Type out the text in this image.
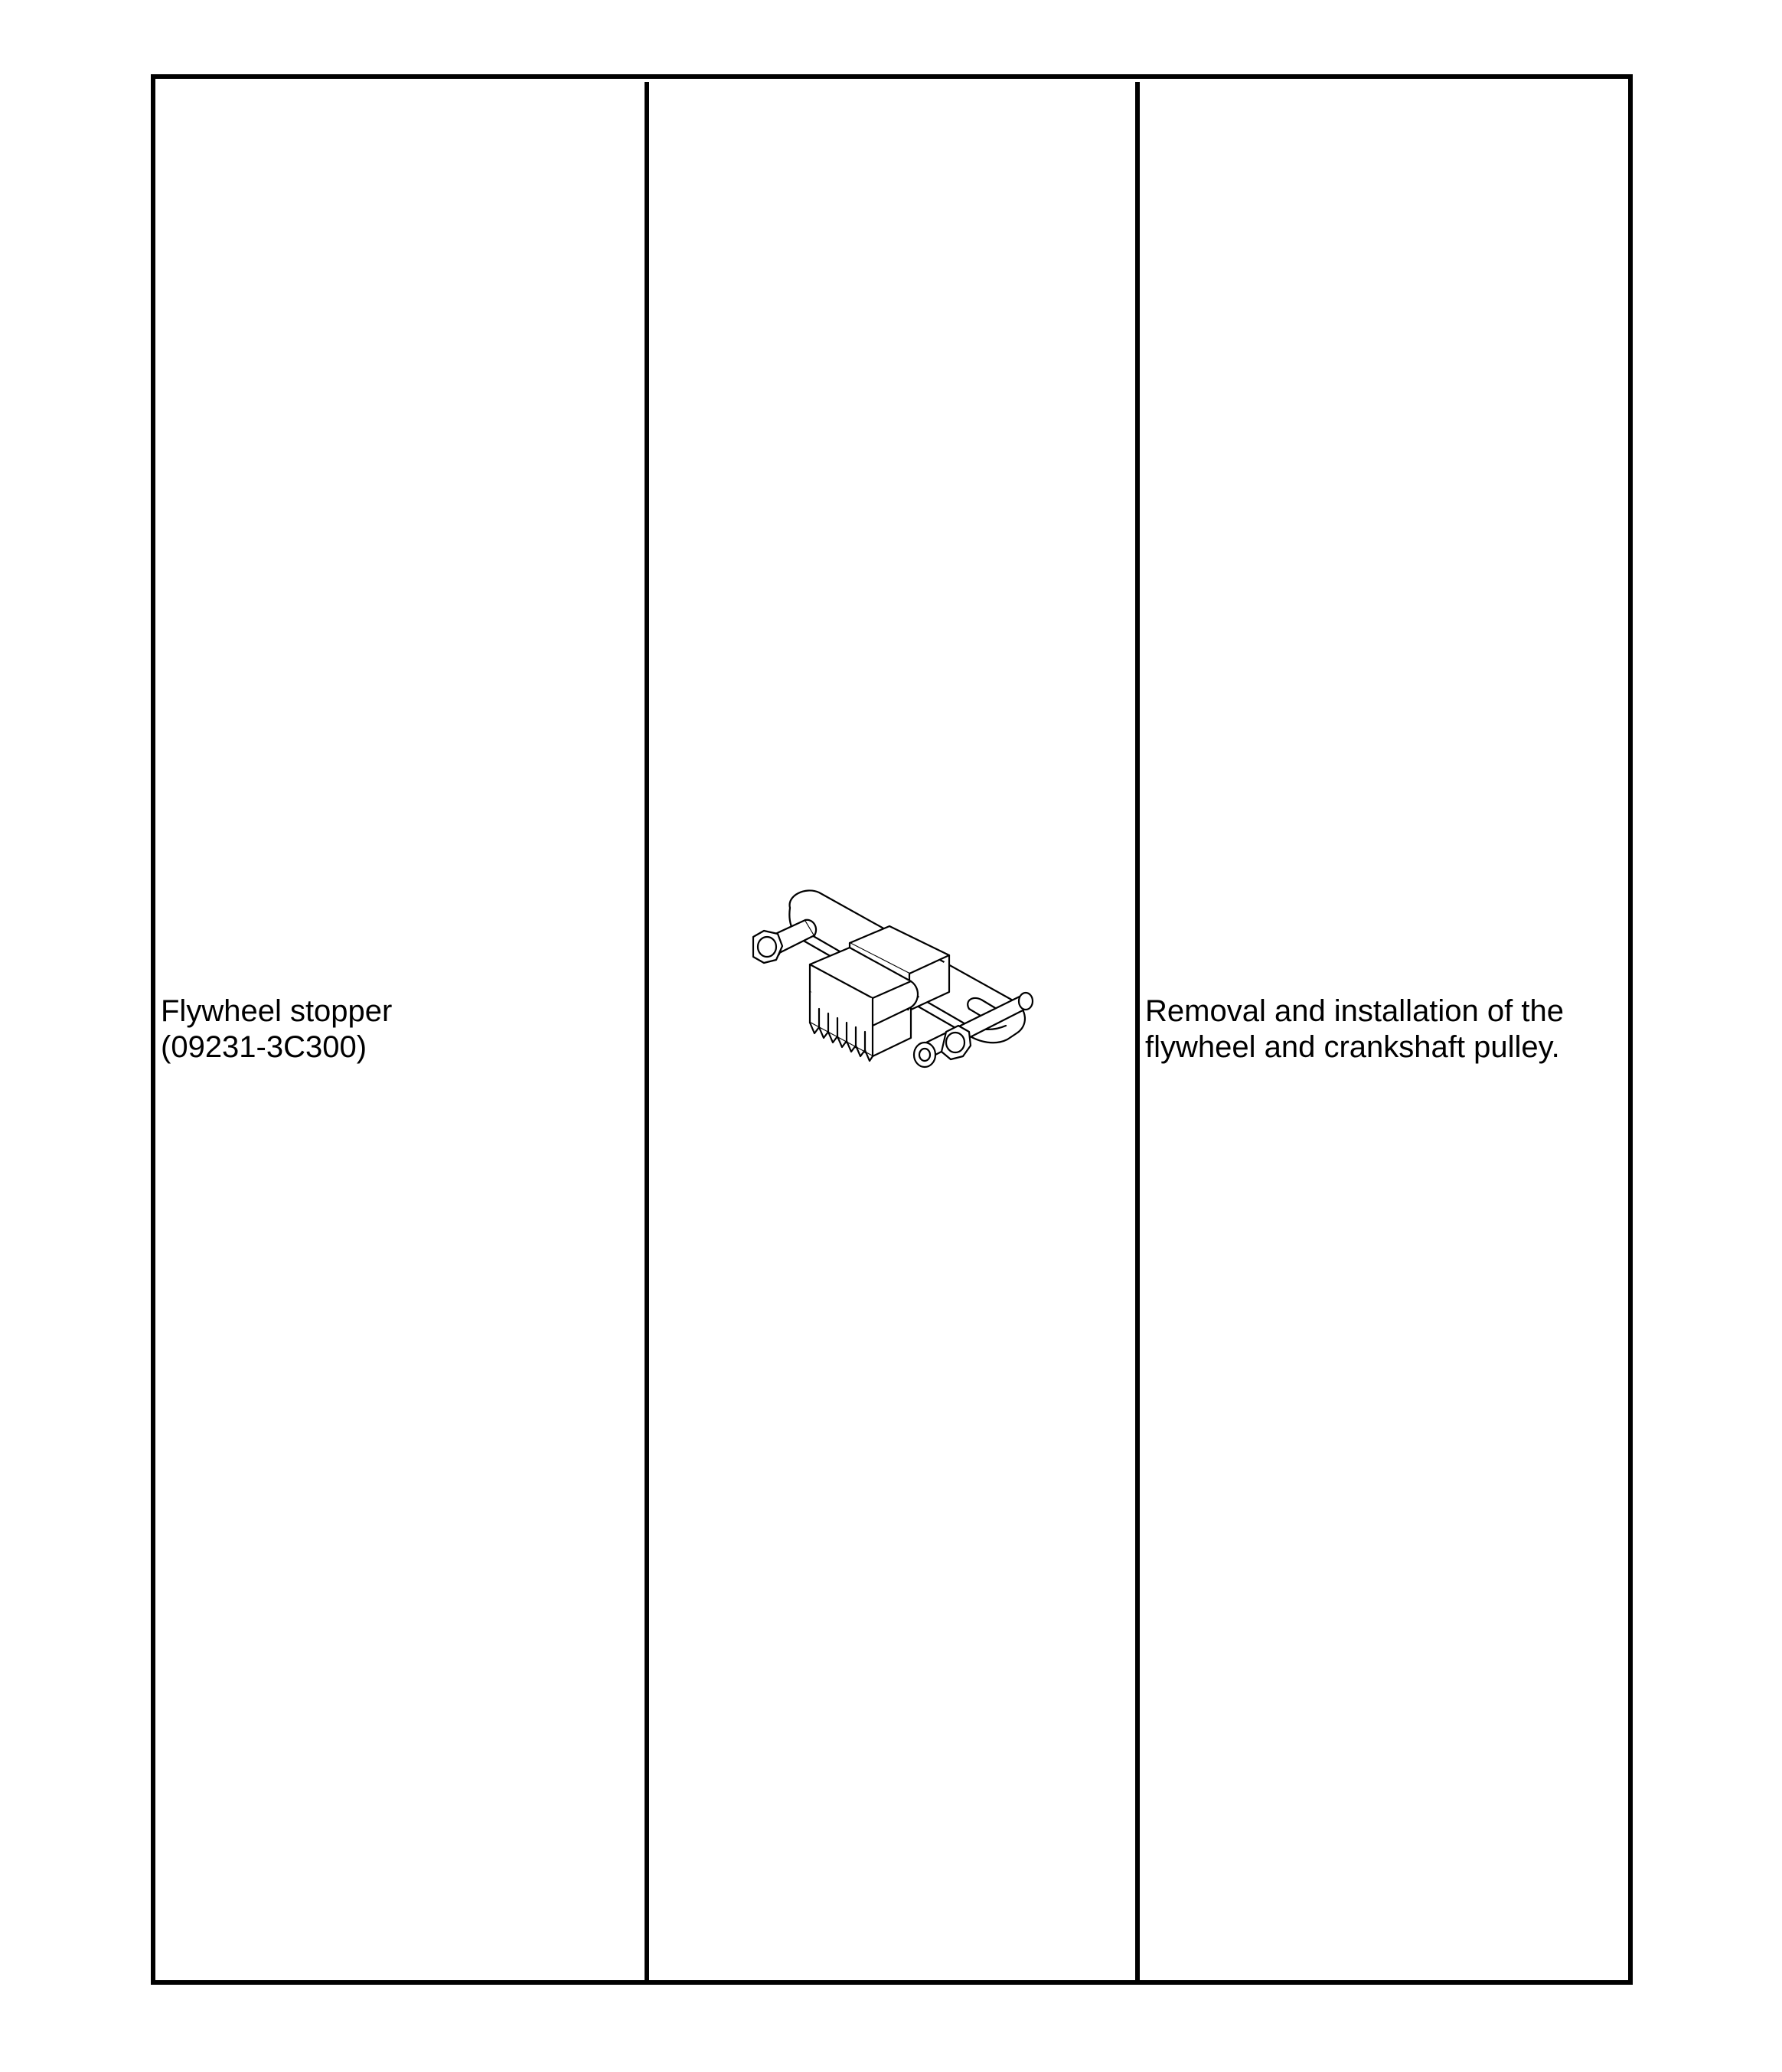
Flywheel stopper
(09231-3C300)
Removal and installation of the
flywheel and crankshaft pulley.
